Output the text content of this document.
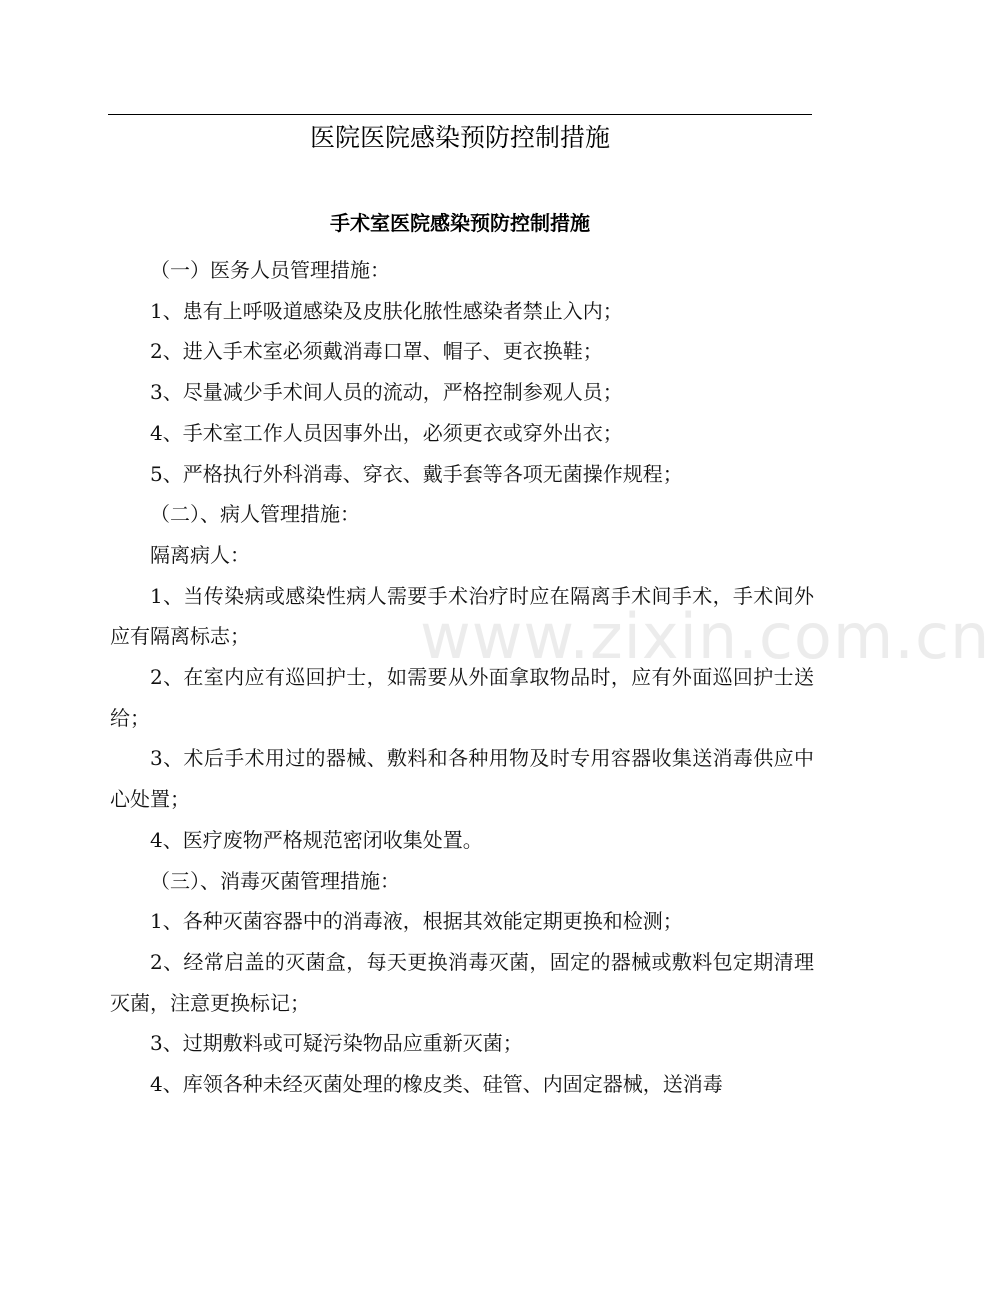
医院医院感染预防控制措施
手术室医院感染预防控制措施

（一）医务人员管理措施：

1、患有上呼吸道感染及皮肤化脓性感染者禁止入内；

2、进入手术室必须戴消毒口罩、帽子、更衣换鞋；

3、尽量减少手术间人员的流动，严格控制参观人员；

4、手术室工作人员因事外出，必须更衣或穿外出衣；

5、严格执行外科消毒、穿衣、戴手套等各项无菌操作规程；

（二）、病人管理措施：

隔离病人：

1、当传染病或感染性病人需要手术治疗时应在隔离手术间手术，手术间外应有隔离标志；

2、在室内应有巡回护士，如需要从外面拿取物品时，应有外面巡回护士送给；

3、术后手术用过的器械、敷料和各种用物及时专用容器收集送消毒供应中心处置；

4、医疗废物严格规范密闭收集处置。

（三）、消毒灭菌管理措施：

1、各种灭菌容器中的消毒液，根据其效能定期更换和检测；

2、经常启盖的灭菌盒，每天更换消毒灭菌，固定的器械或敷料包定期清理灭菌，注意更换标记；

3、过期敷料或可疑污染物品应重新灭菌；

4、库领各种未经灭菌处理的橡皮类、硅管、内固定器械，送消毒

www.zixin.com.cn
